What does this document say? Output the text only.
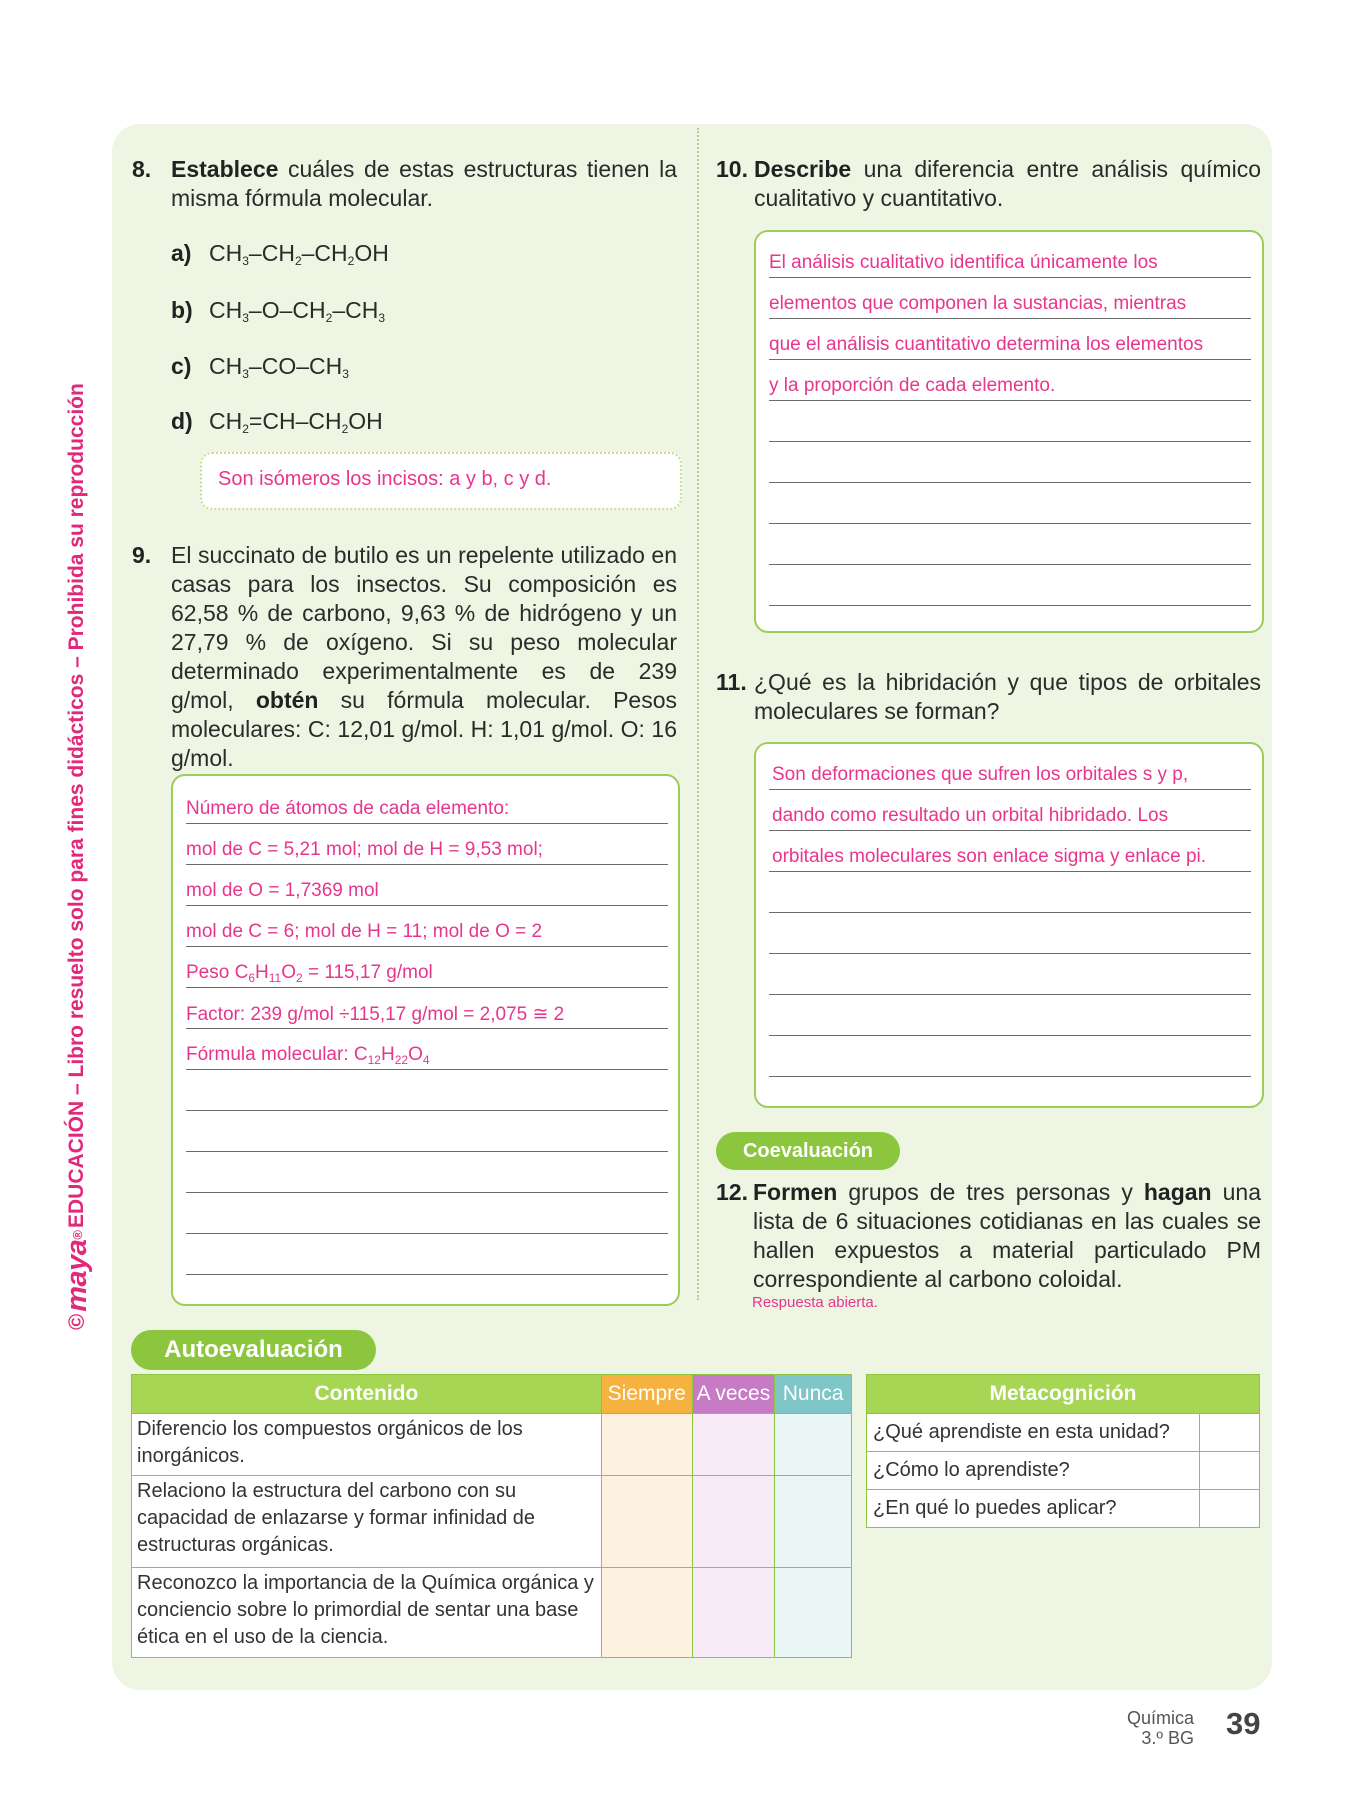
©
maya
®
EDUCACIÓN – Libro resuelto solo para fines didácticos – Prohibida su reproducción
8. Establece cuáles de estas estructuras tienen la misma fórmula molecular.
a) $CH_3-CH_2-CH_2OH$
b) $CH_3-O-CH_2-CH_3$
c) $CH_3-CO-CH_3$
d) $CH_2=CH-CH_2OH$
Son isómeros los incisos: a y b, c y d.
9. El succinato de butilo es un repelente utilizado en casas para los insectos. Su composición es 62,58 % de carbono, 9,63 % de hidrógeno y un 27,79 % de oxígeno. Si su peso molecular determinado experimentalmente es de 239 g/mol, obtén su fórmula molecular. Pesos moleculares: C: 12,01 g/mol. H: 1,01 g/mol. O: 16 g/mol.
Número de átomos de cada elemento:
mol de C = 5,21 mol; mol de H = 9,53 mol;
mol de O = 1,7369 mol
mol de C = 6; mol de H = 11; mol de O = 2
Peso $C_6H_{11}O_2 = 115,17$ g/mol
Factor: 239 g/mol ÷115,17 g/mol = 2,075 ≅ 2
Fórmula molecular: $C_{12}H_{22}O_4$
10. Describe una diferencia entre análisis químico cualitativo y cuantitativo.
El análisis cualitativo identifica únicamente los
elementos que componen la sustancias, mientras
que el análisis cuantitativo determina los elementos
y la proporción de cada elemento.
11. ¿Qué es la hibridación y que tipos de orbitales moleculares se forman?
Son deformaciones que sufren los orbitales s y p,
dando como resultado un orbital hibridado. Los
orbitales moleculares son enlace sigma y enlace pi.
Coevaluación
12. Formen grupos de tres personas y hagan una lista de 6 situaciones cotidianas en las cuales se hallen expuestos a material particulado PM correspondiente al carbono coloidal.
Respuesta abierta.
Autoevaluación
Contenido	Siempre	A veces	Nunca
Diferencio los compuestos orgánicos de los inorgánicos.			
Relaciono la estructura del carbono con su capacidad de enlazarse y formar infinidad de estructuras orgánicas.			
Reconozco la importancia de la Química orgánica y conciencio sobre lo primordial de sentar una base ética en el uso de la ciencia.			
Metacognición	
¿Qué aprendiste en esta unidad?	
¿Cómo lo aprendiste?	
¿En qué lo puedes aplicar?	
Química
3.º BG 39
